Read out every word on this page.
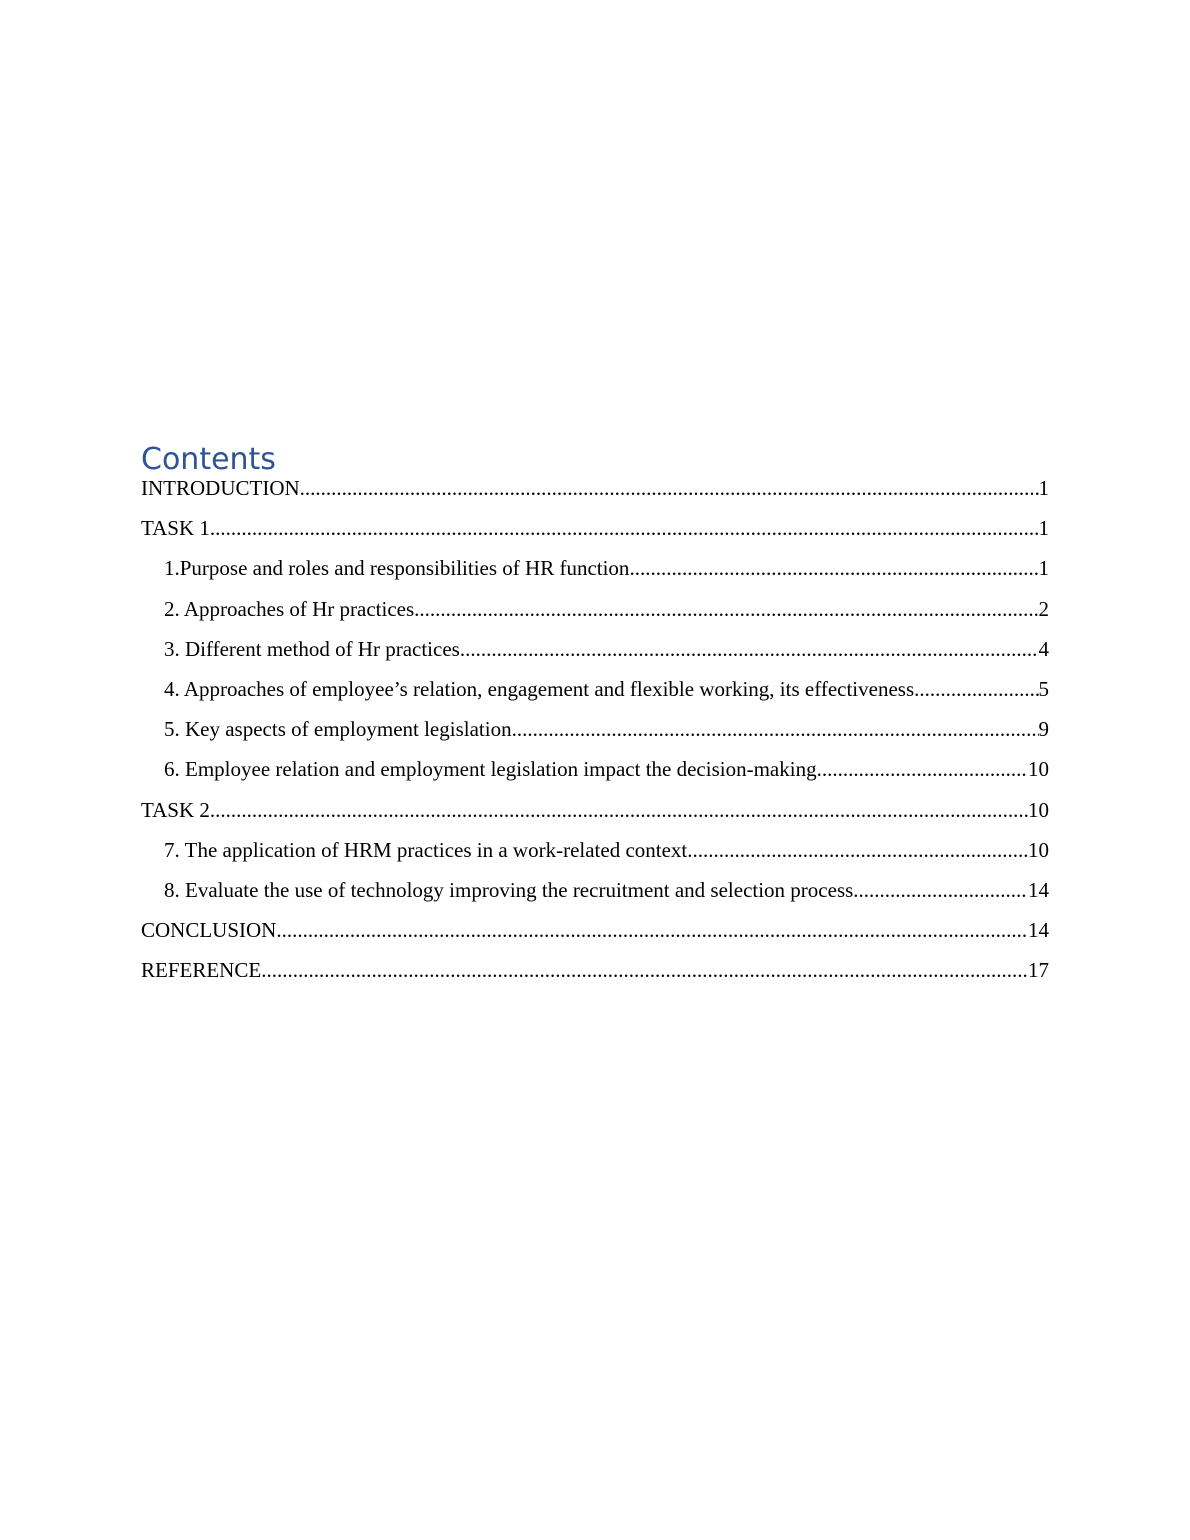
Contents
INTRODUCTION .....	1
TASK 1 .....	1
1.Purpose and roles and responsibilities of HR function .....	1
2. Approaches of Hr practices .....	2
3. Different method of Hr practices .....	4
4. Approaches of employee’s relation, engagement and flexible working, its effectiveness .....	5
5. Key aspects of employment legislation .....	9
6. Employee relation and employment legislation impact the decision-making .....	10
TASK 2 .....	10
7. The application of HRM practices in a work-related context .....	10
8. Evaluate the use of technology improving the recruitment and selection process .....	14
CONCLUSION .....	14
REFERENCE .....	17
